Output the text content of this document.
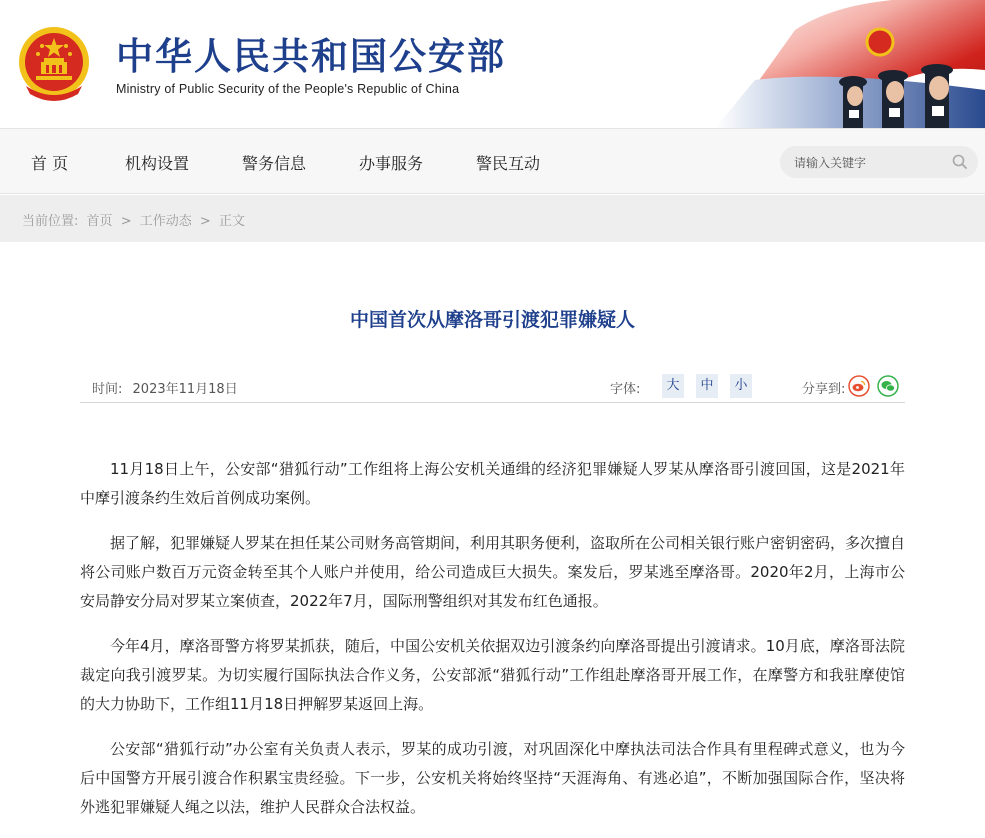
中华人民共和国公安部
Ministry of Public Security of the People's Republic of China
首 页	机构设置	警务信息	办事服务	警民互动
请输入关键字
当前位置: 首页 > 工作动态 > 正文
中国首次从摩洛哥引渡犯罪嫌疑人
时间: 2023年11月18日	字体:	大	中	小	分享到:

11月18日上午，公安部“猎狐行动”工作组将上海公安机关通缉的经济犯罪嫌疑人罗某从摩洛哥引渡回国，这是2021年中摩引渡条约生效后首例成功案例。

据了解，犯罪嫌疑人罗某在担任某公司财务高管期间，利用其职务便利，盗取所在公司相关银行账户密钥密码，多次擅自将公司账户数百万元资金转至其个人账户并使用，给公司造成巨大损失。案发后，罗某逃至摩洛哥。2020年2月，上海市公安局静安分局对罗某立案侦查，2022年7月，国际刑警组织对其发布红色通报。

今年4月，摩洛哥警方将罗某抓获，随后，中国公安机关依据双边引渡条约向摩洛哥提出引渡请求。10月底，摩洛哥法院裁定向我引渡罗某。为切实履行国际执法合作义务，公安部派“猎狐行动”工作组赴摩洛哥开展工作，在摩警方和我驻摩使馆的大力协助下，工作组11月18日押解罗某返回上海。

公安部“猎狐行动”办公室有关负责人表示，罗某的成功引渡，对巩固深化中摩执法司法合作具有里程碑式意义，也为今后中国警方开展引渡合作积累宝贵经验。下一步，公安机关将始终坚持“天涯海角、有逃必追”，不断加强国际合作，坚决将外逃犯罪嫌疑人绳之以法，维护人民群众合法权益。
